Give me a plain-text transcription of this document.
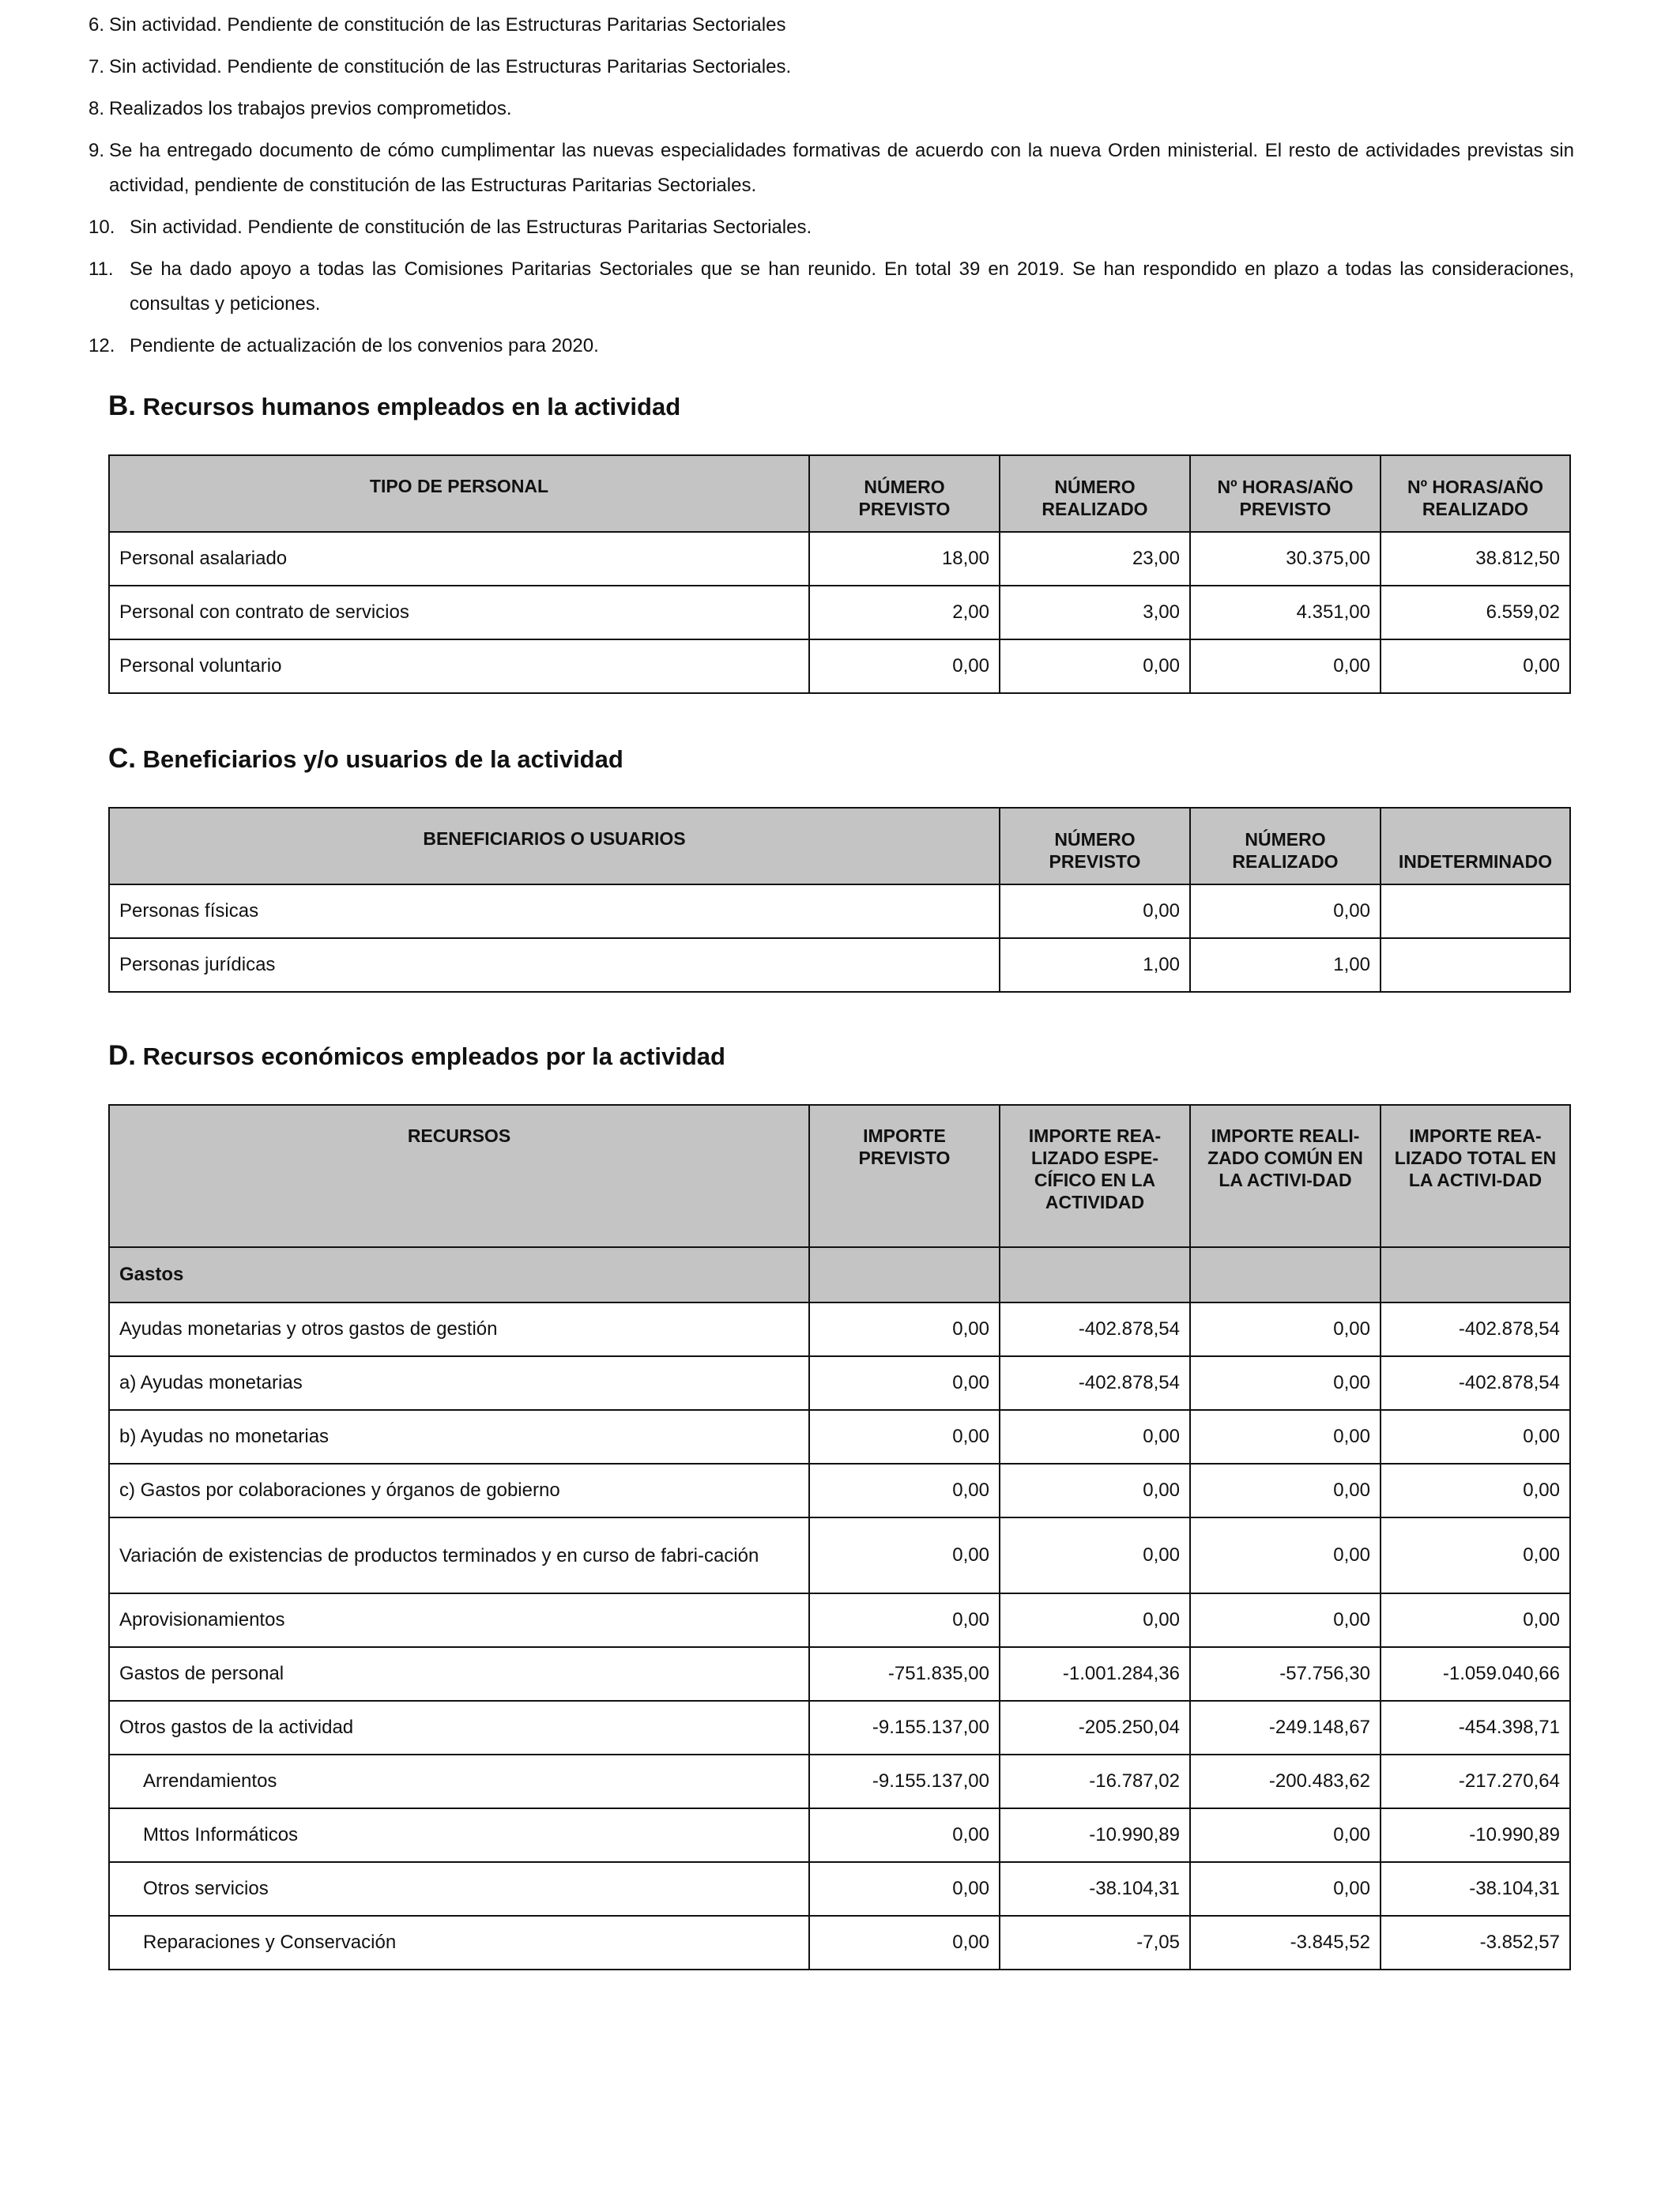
6. Sin actividad. Pendiente de constitución de las Estructuras Paritarias Sectoriales
7. Sin actividad. Pendiente de constitución de las Estructuras Paritarias Sectoriales.
8. Realizados los trabajos previos comprometidos.
9. Se ha entregado documento de cómo cumplimentar las nuevas especialidades formativas de acuerdo con la nueva Orden ministerial. El resto de actividades previstas sin actividad, pendiente de constitución de las Estructuras Paritarias Sectoriales.
10. Sin actividad. Pendiente de constitución de las Estructuras Paritarias Sectoriales.
11. Se ha dado apoyo a todas las Comisiones Paritarias Sectoriales que se han reunido. En total 39 en 2019. Se han respondido en plazo a todas las consideraciones, consultas y peticiones.
12. Pendiente de actualización de los convenios para 2020.
B. Recursos humanos empleados en la actividad
TIPO DE PERSONAL	NÚMERO PREVISTO	NÚMERO REALIZADO	Nº HORAS/AÑO PREVISTO	Nº HORAS/AÑO REALIZADO
Personal asalariado	18,00	23,00	30.375,00	38.812,50
Personal con contrato de servicios	2,00	3,00	4.351,00	6.559,02
Personal voluntario	0,00	0,00	0,00	0,00
C. Beneficiarios y/o usuarios de la actividad
BENEFICIARIOS O USUARIOS	NÚMERO PREVISTO	NÚMERO REALIZADO	INDETERMINADO
Personas físicas	0,00	0,00	
Personas jurídicas	1,00	1,00	
D. Recursos económicos empleados por la actividad
RECURSOS	IMPORTE PREVISTO	IMPORTE REA-LIZADO ESPE-CÍFICO EN LA ACTIVIDAD	IMPORTE REALI-ZADO COMÚN EN LA ACTIVI-DAD	IMPORTE REA-LIZADO TOTAL EN LA ACTIVI-DAD
Gastos				
Ayudas monetarias y otros gastos de gestión	0,00	-402.878,54	0,00	-402.878,54
a) Ayudas monetarias	0,00	-402.878,54	0,00	-402.878,54
b) Ayudas no monetarias	0,00	0,00	0,00	0,00
c) Gastos por colaboraciones y órganos de gobierno	0,00	0,00	0,00	0,00
Variación de existencias de productos terminados y en curso de fabri-cación	0,00	0,00	0,00	0,00
Aprovisionamientos	0,00	0,00	0,00	0,00
Gastos de personal	-751.835,00	-1.001.284,36	-57.756,30	-1.059.040,66
Otros gastos de la actividad	-9.155.137,00	-205.250,04	-249.148,67	-454.398,71
Arrendamientos	-9.155.137,00	-16.787,02	-200.483,62	-217.270,64
Mttos Informáticos	0,00	-10.990,89	0,00	-10.990,89
Otros servicios	0,00	-38.104,31	0,00	-38.104,31
Reparaciones y Conservación	0,00	-7,05	-3.845,52	-3.852,57
